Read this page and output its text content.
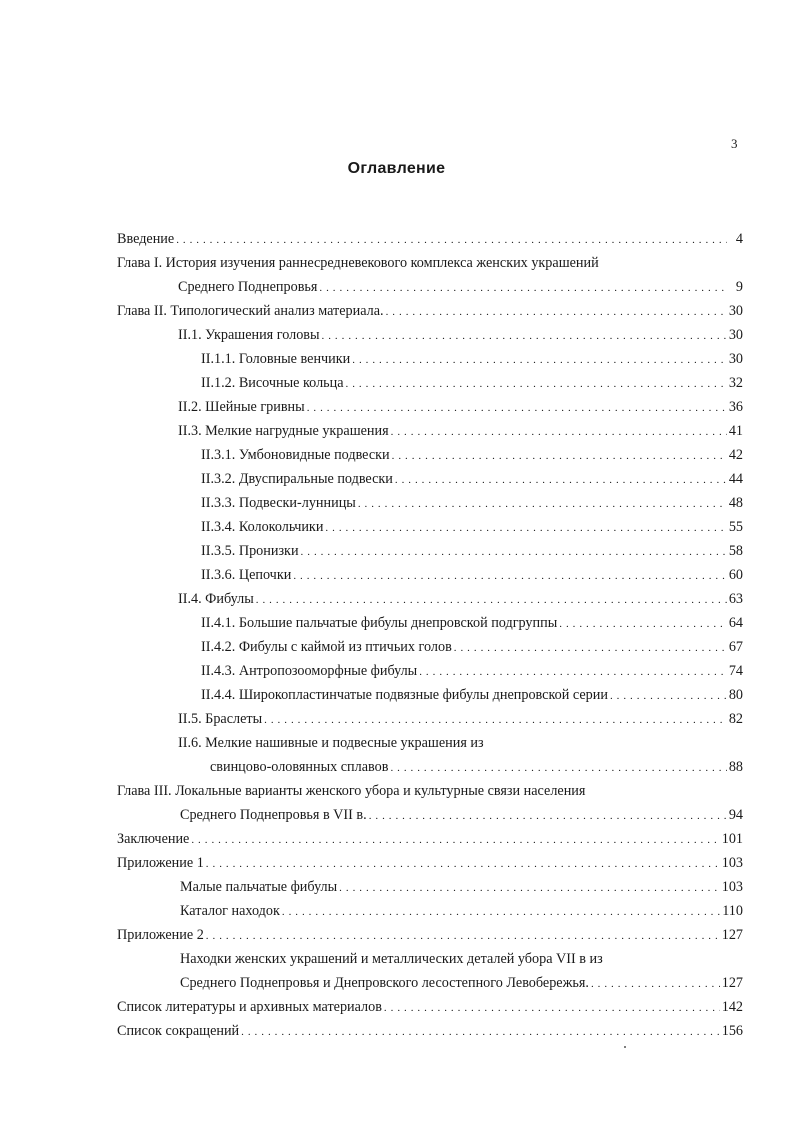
3
Оглавление
Введение . . .	4
Глава I. История изучения раннесредневекового комплекса женских украшений
Среднего Поднепровья . . .	9
Глава II. Типологический анализ материала. . . .	30
II.1. Украшения головы . . .	30
II.1.1. Головные венчики . . .	30
II.1.2. Височные кольца . . .	32
II.2. Шейные гривны . . .	36
II.3. Мелкие нагрудные украшения . . .	41
II.3.1. Умбоновидные подвески . . .	42
II.3.2. Двуспиральные подвески . . .	44
II.3.3. Подвески-лунницы . . .	48
II.3.4. Колокольчики . . .	55
II.3.5. Пронизки . . .	58
II.3.6. Цепочки . . .	60
II.4. Фибулы . . .	63
II.4.1. Большие пальчатые фибулы днепровской подгруппы . . .	64
II.4.2. Фибулы с каймой из птичьих голов . . .	67
II.4.3. Антропозооморфные фибулы . . .	74
II.4.4. Широкопластинчатые подвязные фибулы днепровской серии . . .	80
II.5. Браслеты . . .	82
II.6. Мелкие нашивные и подвесные украшения из
свинцово-оловянных сплавов . . .	88
Глава III. Локальные варианты женского убора и культурные связи населения
Среднего Поднепровья в VII в. . . .	94
Заключение . . .	101
Приложение 1 . . .	103
Малые пальчатые фибулы . . .	103
Каталог находок . . .	110
Приложение 2 . . .	127
Находки женских украшений и металлических деталей убора VII в из
Среднего Поднепровья и Днепровского лесостепного Левобережья. . . .	127
Список литературы и архивных материалов . . .	142
Список сокращений . . .	156
